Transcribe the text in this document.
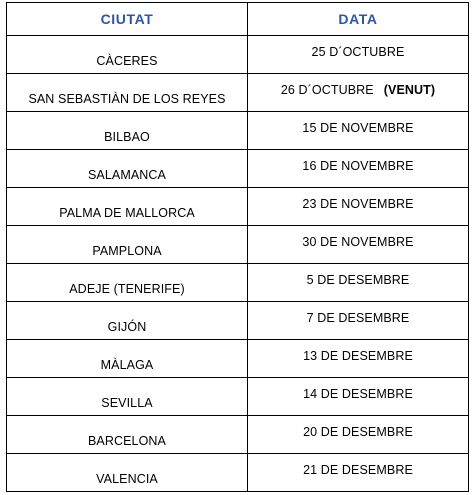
CIUTAT	DATA

CÀCERES	25 D´OCTUBRE

SAN SEBASTIÀN DE LOS REYES	26 D´OCTUBRE (VENUT)

BILBAO	15 DE NOVEMBRE

SALAMANCA	16 DE NOVEMBRE

PALMA DE MALLORCA	23 DE NOVEMBRE

PAMPLONA	30 DE NOVEMBRE

ADEJE (TENERIFE)	5 DE DESEMBRE

GIJÓN	7 DE DESEMBRE

MÀLAGA	13 DE DESEMBRE

SEVILLA	14 DE DESEMBRE

BARCELONA	20 DE DESEMBRE

VALENCIA	21 DE DESEMBRE
